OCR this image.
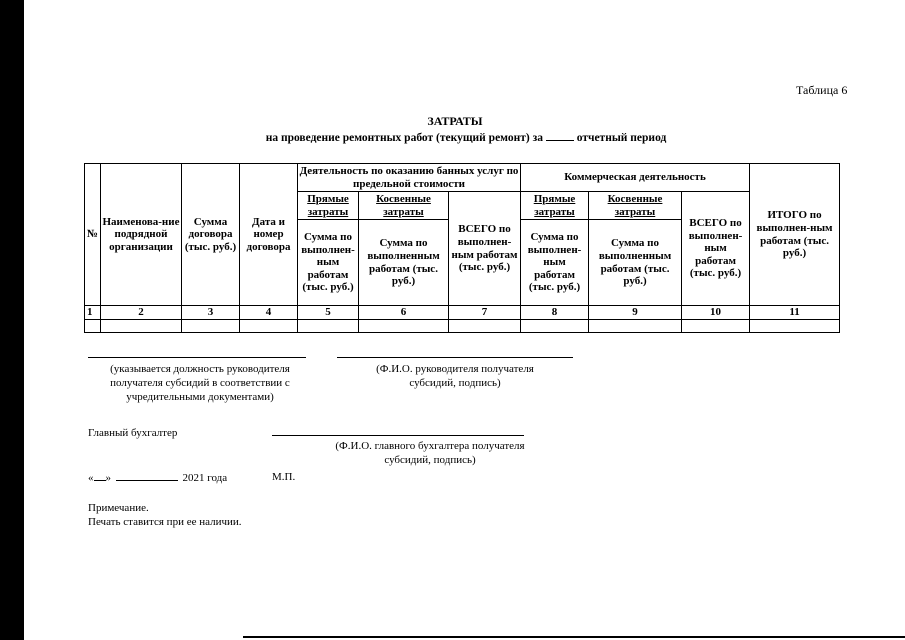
Таблица 6
ЗАТРАТЫ
на проведение ремонтных работ (текущий ремонт) за	отчетный период
№	Наименова-ние подрядной организации	Сумма договора (тыс. руб.)	Дата и номер договора	Деятельность по оказанию банных услуг по предельной стоимости			Коммерческая деятельность			ИТОГО по выполнен-ным работам (тыс. руб.)
				Прямые затраты	Косвенные затраты	ВСЕГО по выполнен-ным работам (тыс. руб.)	Прямые затраты	Косвенные затраты	ВСЕГО по выполнен-ным работам (тыс. руб.)	
				Сумма по выполнен-ным работам (тыс. руб.)	Сумма по выполненным работам (тыс. руб.)		Сумма по выполнен-ным работам (тыс. руб.)	Сумма по выполненным работам (тыс. руб.)		
1	2	3	4	5	6	7	8	9	10	11

(указывается должность руководителя получателя субсидий в соответствии с учредительными документами)
(Ф.И.О. руководителя получателя субсидий, подпись)
Главный бухгалтер
(Ф.И.О. главного бухгалтера получателя субсидий, подпись)
« »	2021 года	М.П.
Примечание.
Печать ставится при ее наличии.
